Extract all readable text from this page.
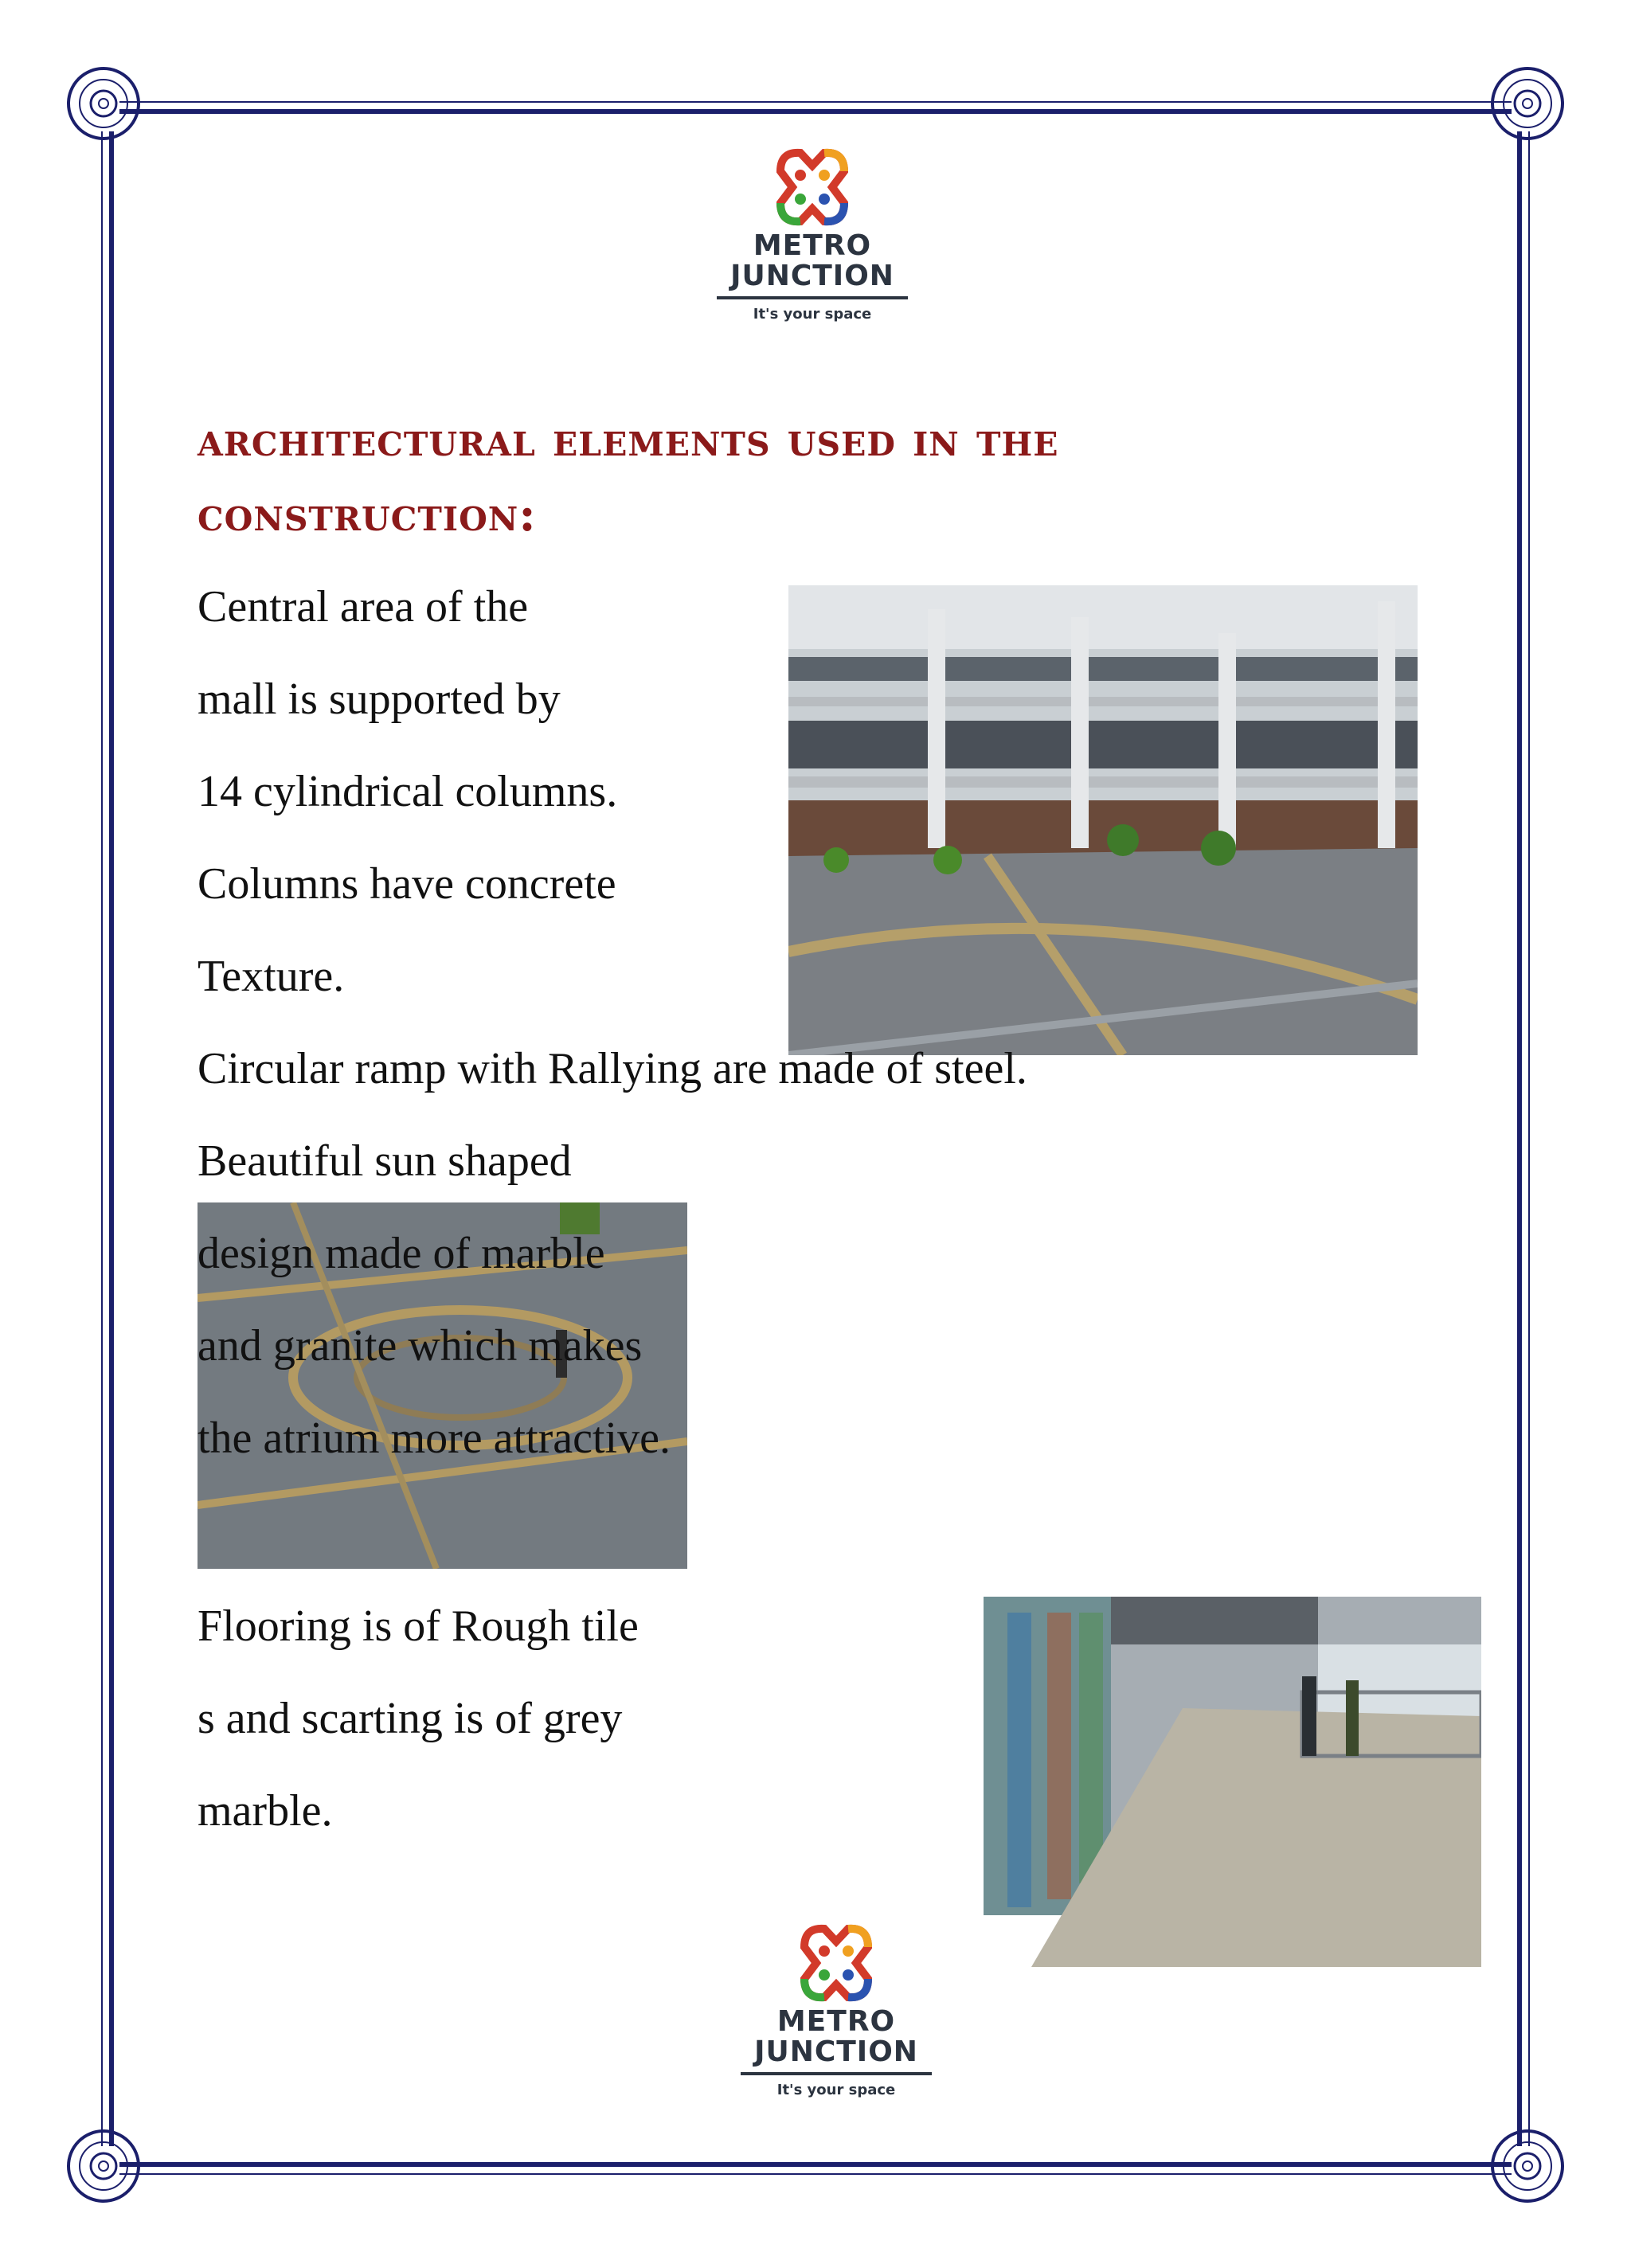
METRO
JUNCTION
It's your space
architectural elements used in the
construction:
Central area of the
mall is supported by
14 cylindrical columns.
Columns have concrete
Texture.
Circular ramp with Rallying are made of steel.
Beautiful sun shaped
design made of marble
and granite which makes
the atrium more attractive.
Flooring is of Rough tile
s and scarting is of grey
marble.
METRO
JUNCTION
It's your space
